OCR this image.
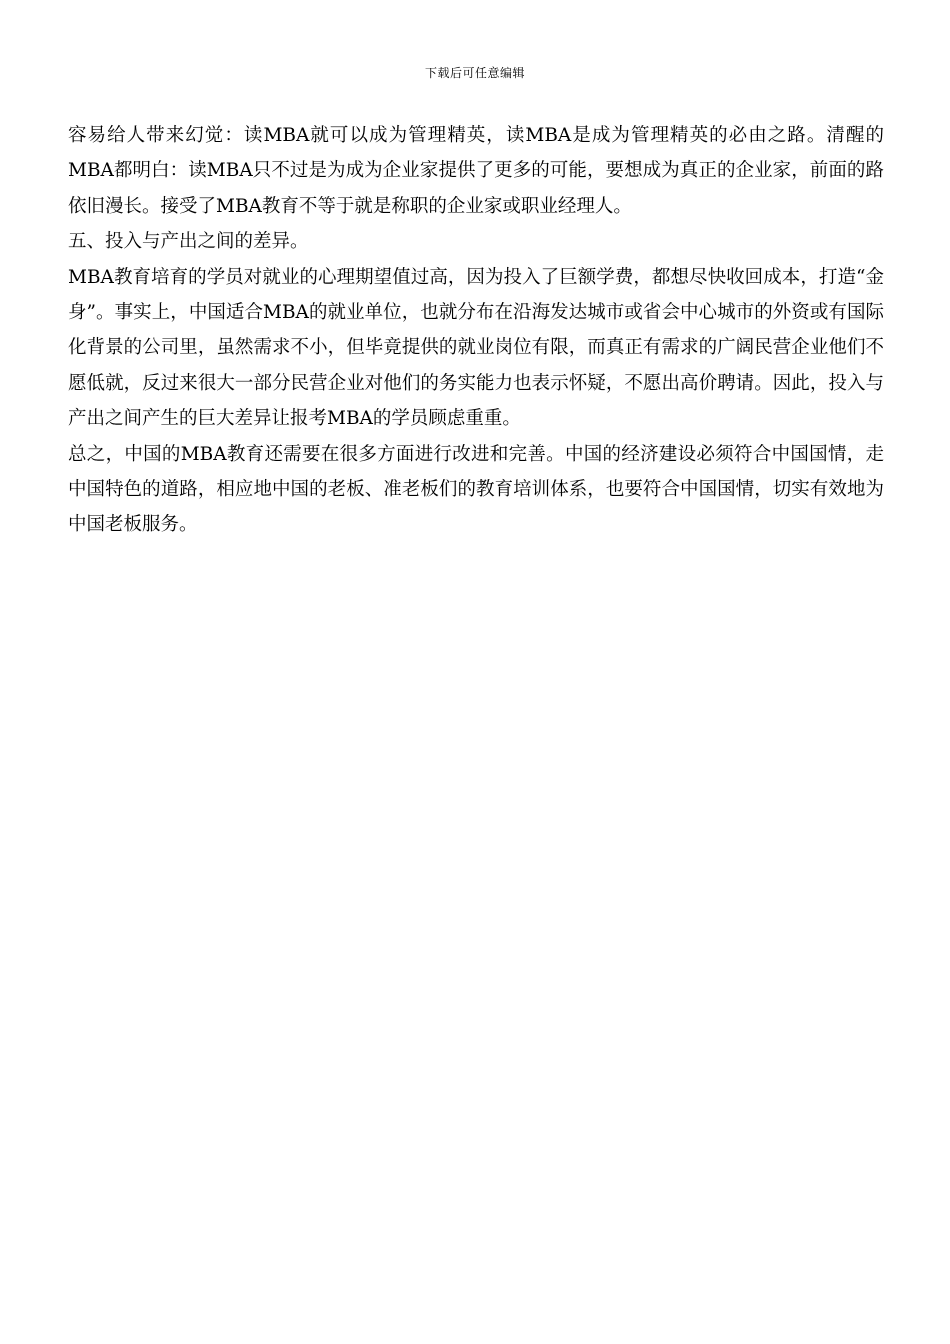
下载后可任意编辑

容易给人带来幻觉：读MBA就可以成为管理精英，读MBA是成为管理精英的必由之路。清醒的MBA都明白：读MBA只不过是为成为企业家提供了更多的可能，要想成为真正的企业家，前面的路依旧漫长。接受了MBA教育不等于就是称职的企业家或职业经理人。

五、投入与产出之间的差异。

MBA教育培育的学员对就业的心理期望值过高，因为投入了巨额学费，都想尽快收回成本，打造“金身”。事实上，中国适合MBA的就业单位，也就分布在沿海发达城市或省会中心城市的外资或有国际化背景的公司里，虽然需求不小，但毕竟提供的就业岗位有限，而真正有需求的广阔民营企业他们不愿低就，反过来很大一部分民营企业对他们的务实能力也表示怀疑，不愿出高价聘请。因此，投入与产出之间产生的巨大差异让报考MBA的学员顾虑重重。

总之，中国的MBA教育还需要在很多方面进行改进和完善。中国的经济建设必须符合中国国情，走中国特色的道路，相应地中国的老板、准老板们的教育培训体系，也要符合中国国情，切实有效地为中国老板服务。
